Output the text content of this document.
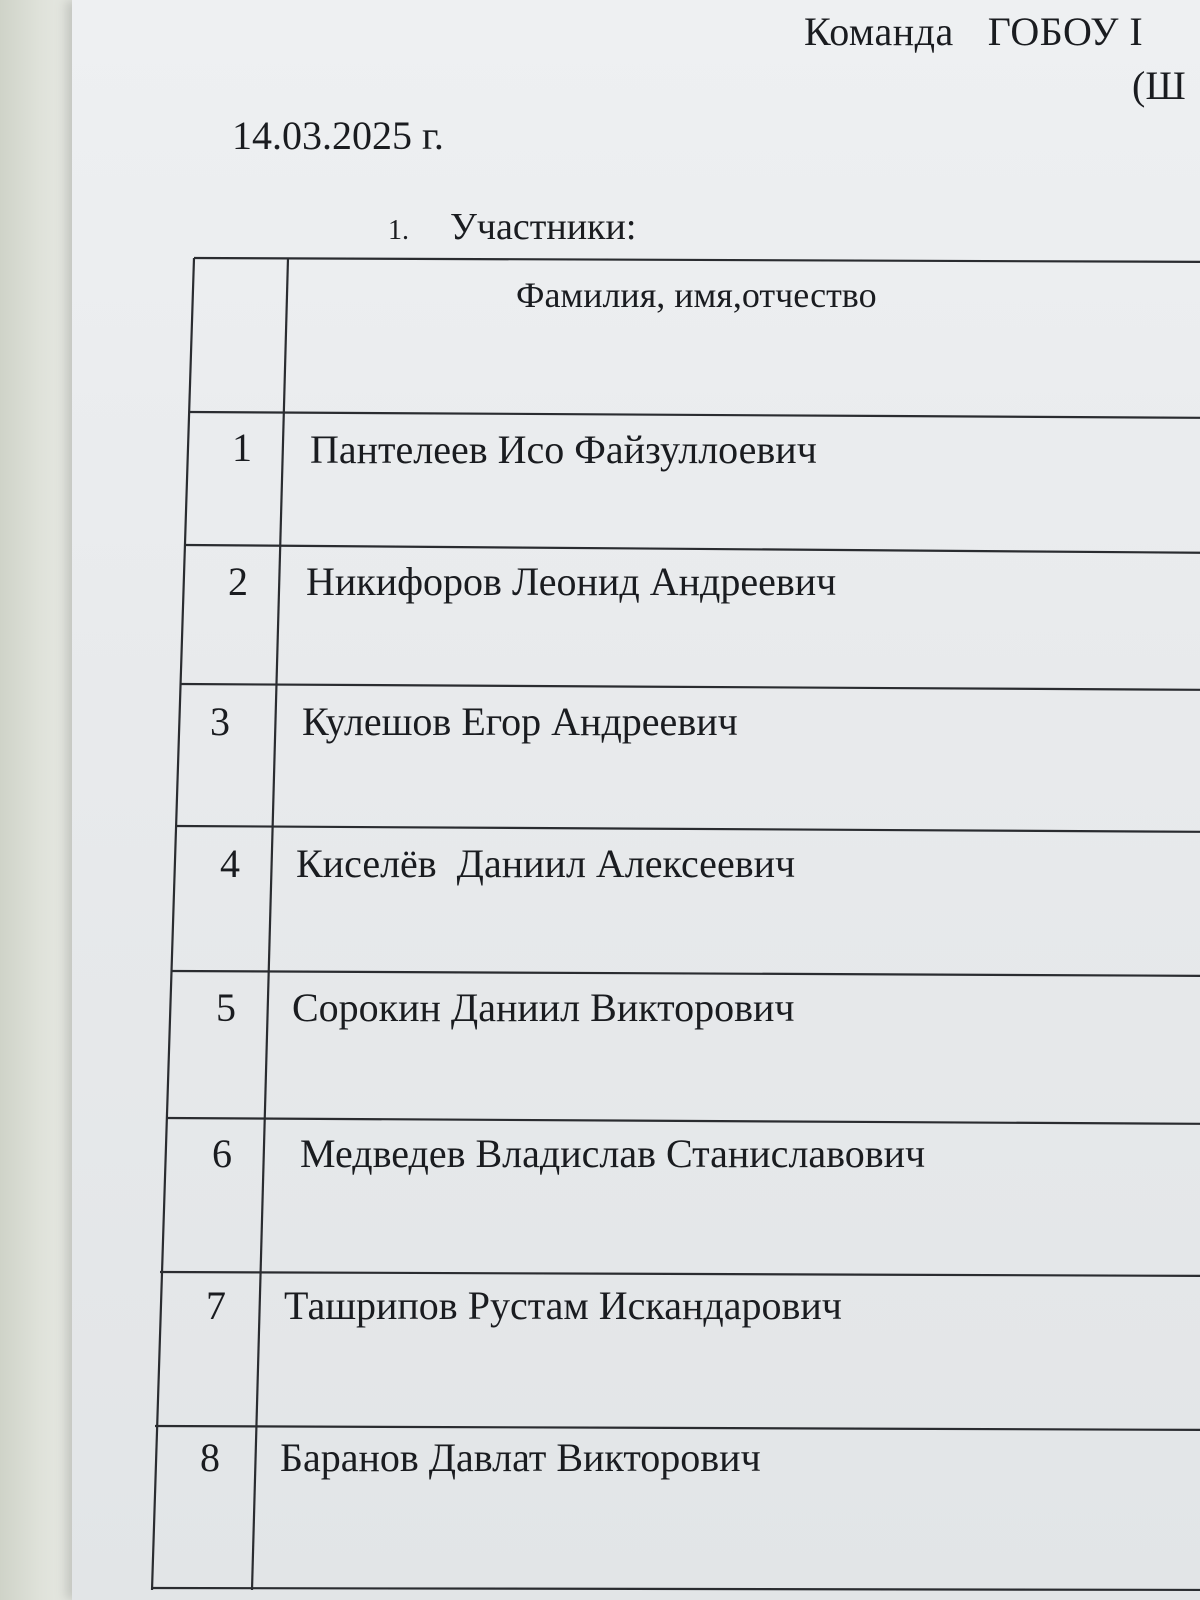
Команда ГОБОУ I
(Ш
14.03.2025 г.
1. Участники:
Фамилия, имя,отчество
1 Пантелеев Исо Файзуллоевич
2 Никифоров Леонид Андреевич
3 Кулешов Егор Андреевич
4 Киселёв  Даниил Алексеевич
5 Сорокин Даниил Викторович
6 Медведев Владислав Станиславович
7 Ташрипов Рустам Искандарович
8 Баранов Давлат Викторович
